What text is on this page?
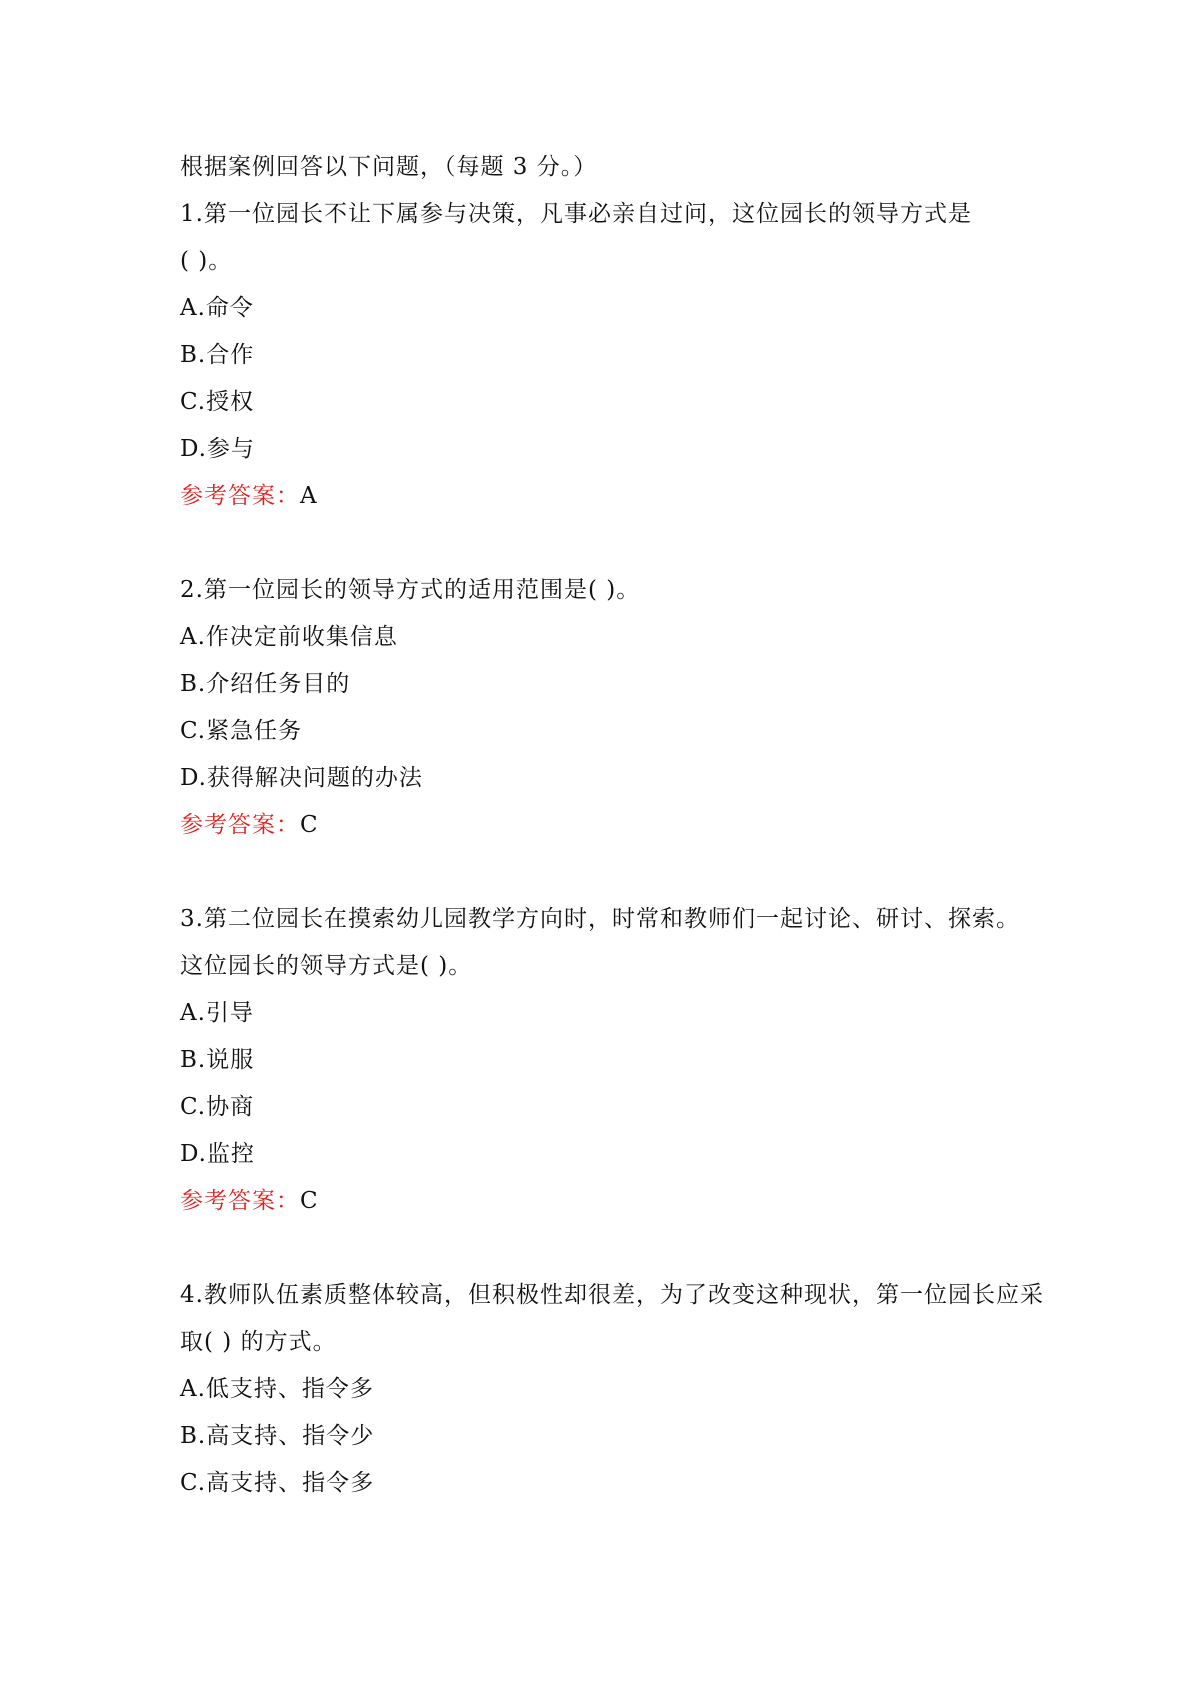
根据案例回答以下问题，（每题 3 分。）
1.第一位园长不让下属参与决策，凡事必亲自过问，这位园长的领导方式是
( )。
A.命令
B.合作
C.授权
D.参与
参考答案：A
2.第一位园长的领导方式的适用范围是( )。
A.作决定前收集信息
B.介绍任务目的
C.紧急任务
D.获得解决问题的办法
参考答案：C
3.第二位园长在摸索幼儿园教学方向时，时常和教师们一起讨论、研讨、探索。
这位园长的领导方式是( )。
A.引导
B.说服
C.协商
D.监控
参考答案：C
4.教师队伍素质整体较高，但积极性却很差，为了改变这种现状，第一位园长应采
取( ) 的方式。
A.低支持、指令多
B.高支持、指令少
C.高支持、指令多
